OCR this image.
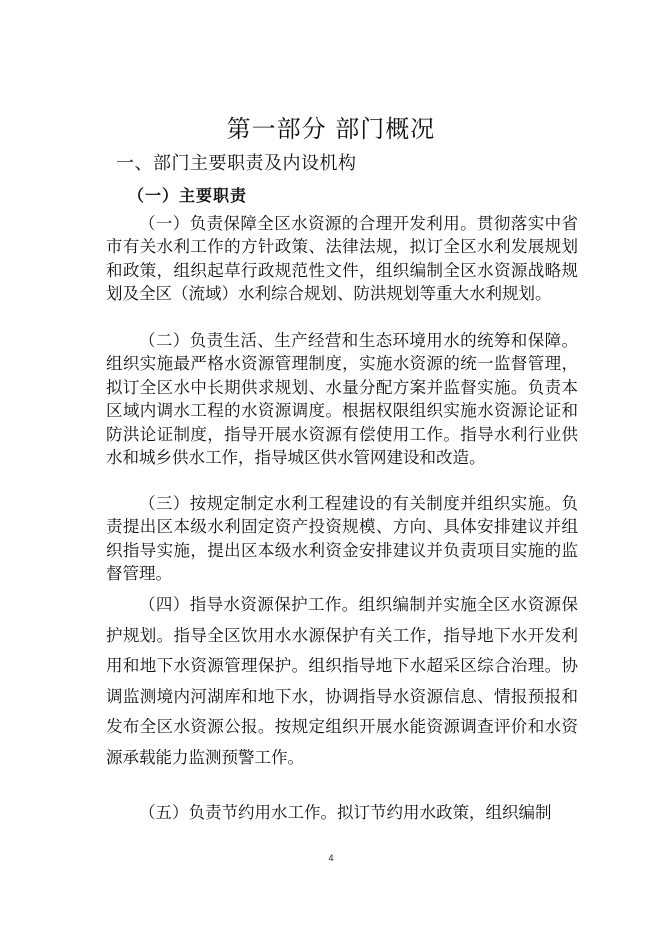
第一部分 部门概况
一、部门主要职责及内设机构
（一）主要职责

（一）负责保障全区水资源的合理开发利用。贯彻落实中省市有关水利工作的方针政策、法律法规，拟订全区水利发展规划和政策，组织起草行政规范性文件，组织编制全区水资源战略规划及全区（流域）水利综合规划、防洪规划等重大水利规划。

（二）负责生活、生产经营和生态环境用水的统筹和保障。组织实施最严格水资源管理制度，实施水资源的统一监督管理，拟订全区水中长期供求规划、水量分配方案并监督实施。负责本区域内调水工程的水资源调度。根据权限组织实施水资源论证和防洪论证制度，指导开展水资源有偿使用工作。指导水利行业供水和城乡供水工作，指导城区供水管网建设和改造。

（三）按规定制定水利工程建设的有关制度并组织实施。负责提出区本级水利固定资产投资规模、方向、具体安排建议并组织指导实施，提出区本级水利资金安排建议并负责项目实施的监督管理。

（四）指导水资源保护工作。组织编制并实施全区水资源保护规划。指导全区饮用水水源保护有关工作，指导地下水开发利用和地下水资源管理保护。组织指导地下水超采区综合治理。协调监测境内河湖库和地下水，协调指导水资源信息、情报预报和发布全区水资源公报。按规定组织开展水能资源调查评价和水资源承载能力监测预警工作。

（五）负责节约用水工作。拟订节约用水政策，组织编制

4
